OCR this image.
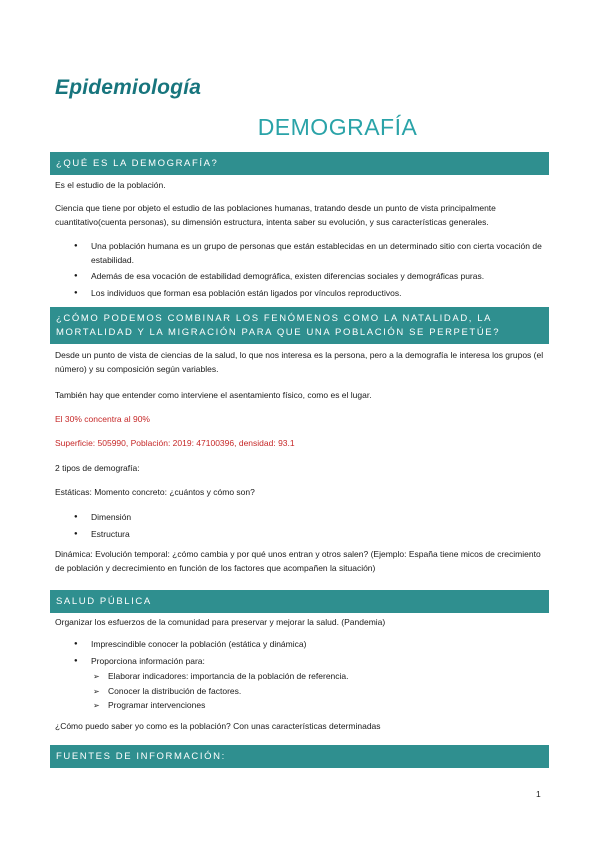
Epidemiología
DEMOGRAFÍA
¿QUÉ ES LA DEMOGRAFÍA?
Es el estudio de la población.
Ciencia que tiene por objeto el estudio de las poblaciones humanas, tratando desde un punto de vista principalmente cuantitativo(cuenta personas), su dimensión estructura, intenta saber su evolución, y sus características generales.
● Una población humana es un grupo de personas que están establecidas en un determinado sitio con cierta vocación de estabilidad.
● Además de esa vocación de estabilidad demográfica, existen diferencias sociales y demográficas puras.
● Los individuos que forman esa población están ligados por vínculos reproductivos.
¿CÓMO PODEMOS COMBINAR LOS FENÓMENOS COMO LA NATALIDAD, LA MORTALIDAD Y LA MIGRACIÓN PARA QUE UNA POBLACIÓN SE PERPETÚE?
Desde un punto de vista de ciencias de la salud, lo que nos interesa es la persona, pero a la demografía le interesa los grupos (el número) y su composición según variables.
También hay que entender como interviene el asentamiento físico, como es el lugar.
El 30% concentra al 90%
Superficie: 505990, Población: 2019: 47100396, densidad: 93.1
2 tipos de demografía:
Estáticas: Momento concreto: ¿cuántos y cómo son?
● Dimensión
● Estructura
Dinámica: Evolución temporal: ¿cómo cambia y por qué unos entran y otros salen? (Ejemplo: España tiene micos de crecimiento de población y decrecimiento en función de los factores que acompañen la situación)
SALUD PÚBLICA
Organizar los esfuerzos de la comunidad para preservar y mejorar la salud. (Pandemia)
● Imprescindible conocer la población (estática y dinámica)
● Proporciona información para:
➢ Elaborar indicadores: importancia de la población de referencia.
➢ Conocer la distribución de factores.
➢ Programar intervenciones
¿Cómo puedo saber yo como es la población? Con unas características determinadas
FUENTES DE INFORMACIÓN:
1
